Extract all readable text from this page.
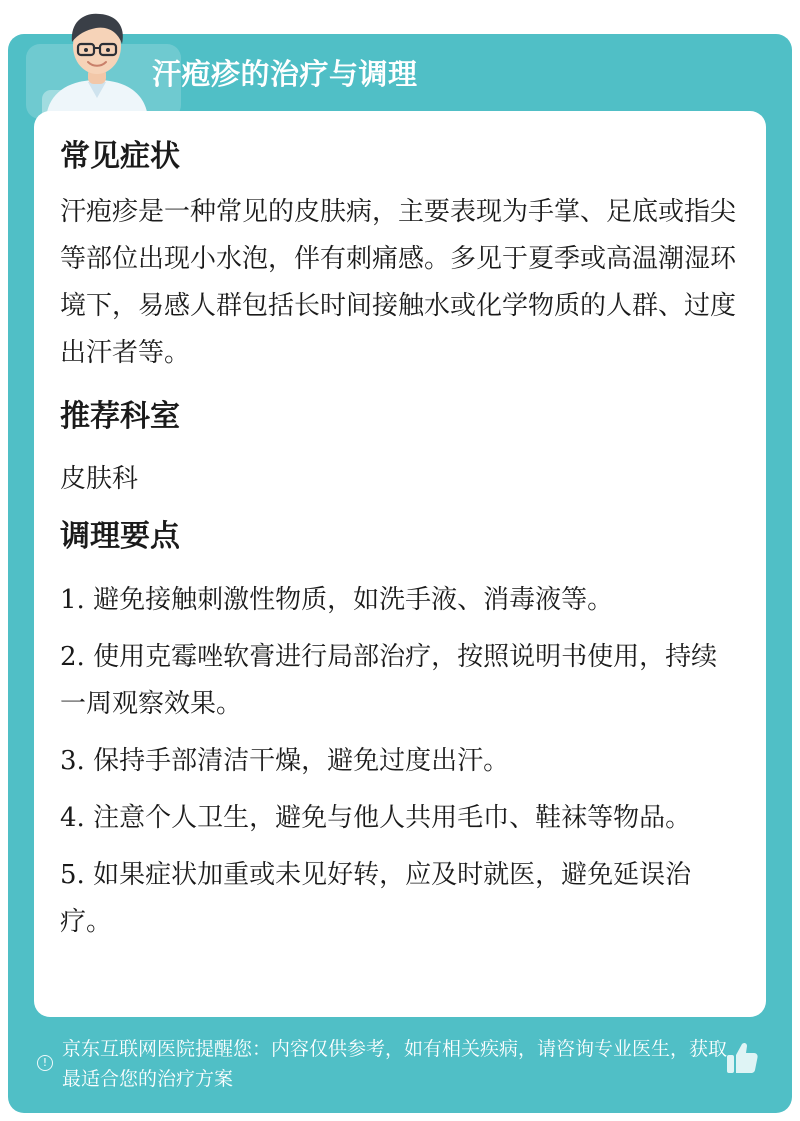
汗疱疹的治疗与调理
常见症状

汗疱疹是一种常见的皮肤病，主要表现为手掌、足底或指尖等部位出现小水泡，伴有刺痛感。多见于夏季或高温潮湿环境下，易感人群包括长时间接触水或化学物质的人群、过度出汗者等。

推荐科室

皮肤科

调理要点
1. 避免接触刺激性物质，如洗手液、消毒液等。
2. 使用克霉唑软膏进行局部治疗，按照说明书使用，持续一周观察效果。
3. 保持手部清洁干燥，避免过度出汗。
4. 注意个人卫生，避免与他人共用毛巾、鞋袜等物品。
5. 如果症状加重或未见好转，应及时就医，避免延误治疗。
!
京东互联网医院提醒您：内容仅供参考，如有相关疾病，请咨询专业医生，获取最适合您的治疗方案
